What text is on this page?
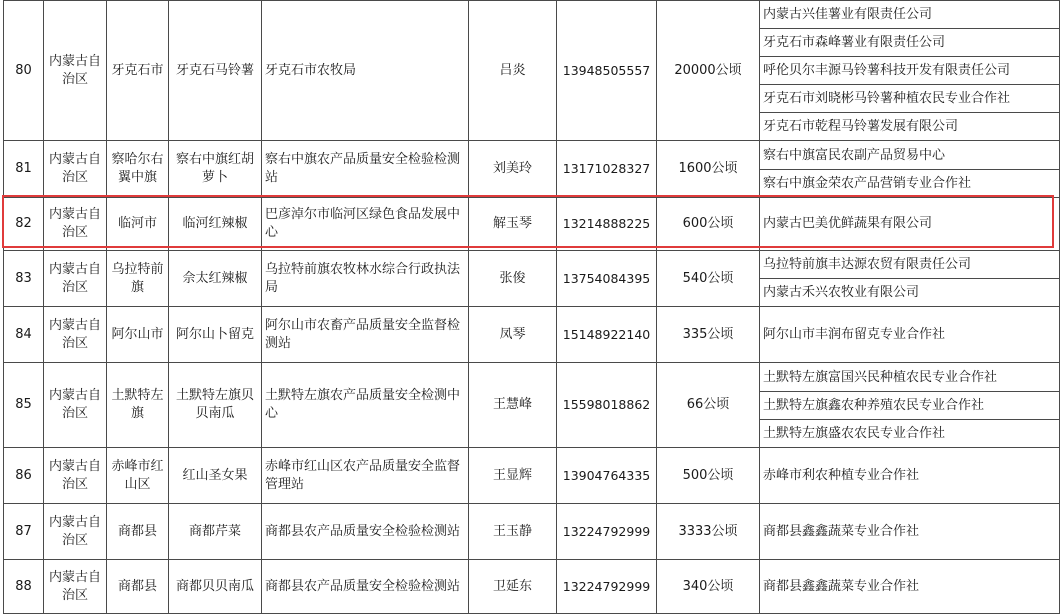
80	内蒙古自治区	牙克石市	牙克石马铃薯	牙克石市农牧局	吕炎	13948505557	20000公顷	内蒙古兴佳薯业有限责任公司
牙克石市森峰薯业有限责任公司
呼伦贝尔丰源马铃薯科技开发有限责任公司
牙克石市刘晓彬马铃薯种植农民专业合作社
牙克石市乾程马铃薯发展有限公司

81	内蒙古自治区	察哈尔右翼中旗	察右中旗红胡萝卜	察右中旗农产品质量安全检验检测站	刘美玲	13171028327	1600公顷	察右中旗富民农副产品贸易中心
察右中旗金荣农产品营销专业合作社

82	内蒙古自治区	临河市	临河红辣椒	巴彦淖尔市临河区绿色食品发展中心	解玉琴	13214888225	600公顷	内蒙古巴美优鲜蔬果有限公司
83	内蒙古自治区	乌拉特前旗	佘太红辣椒	乌拉特前旗农牧林水综合行政执法局	张俊	13754084395	540公顷	乌拉特前旗丰达源农贸有限责任公司
内蒙古禾兴农牧业有限公司

84	内蒙古自治区	阿尔山市	阿尔山卜留克	阿尔山市农畜产品质量安全监督检测站	凤琴	15148922140	335公顷	阿尔山市丰润布留克专业合作社
85	内蒙古自治区	土默特左旗	土默特左旗贝贝南瓜	土默特左旗农产品质量安全检测中心	王慧峰	15598018862	66公顷	土默特左旗富国兴民种植农民专业合作社
土默特左旗鑫农种养殖农民专业合作社
土默特左旗盛农农民专业合作社

86	内蒙古自治区	赤峰市红山区	红山圣女果	赤峰市红山区农产品质量安全监督管理站	王显辉	13904764335	500公顷	赤峰市利农种植专业合作社
87	内蒙古自治区	商都县	商都芹菜	商都县农产品质量安全检验检测站	王玉静	13224792999	3333公顷	商都县鑫鑫蔬菜专业合作社
88	内蒙古自治区	商都县	商都贝贝南瓜	商都县农产品质量安全检验检测站	卫延东	13224792999	340公顷	商都县鑫鑫蔬菜专业合作社
